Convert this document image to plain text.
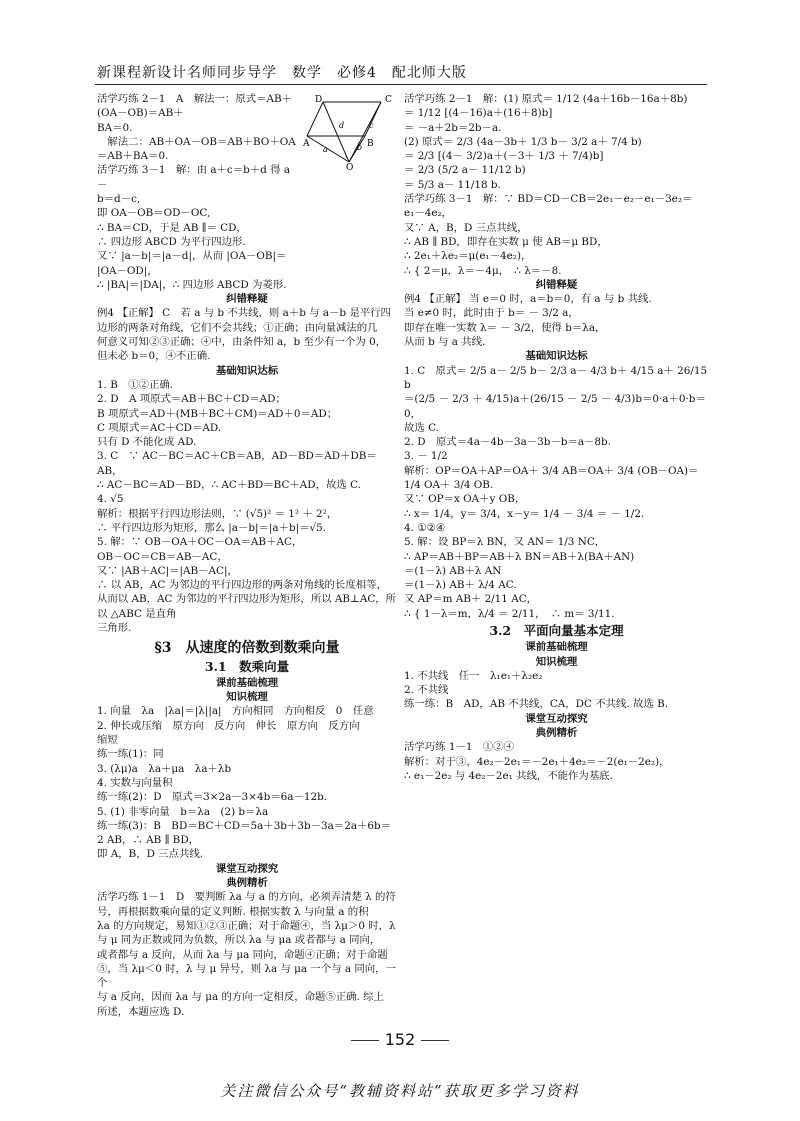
新课程新设计名师同步导学　数学　必修4　配北师大版
D	C
A	B
O
a	b
c
d
活学巧练 2－1　A　解法一：原式＝AB＋(OA－OB)＝AB＋
BA＝0.
　解法二：AB＋OA－OB＝AB＋BO＋OA＝AB＋BA＝0.
活学巧练 3－1　解：由 a＋c＝b＋d 得 a－
b＝d－c,
即 OA－OB＝OD－OC,
∴ BA＝CD，于是 AB ∥＝ CD，
∴ 四边形 ABCD 为平行四边形.
又∵ |a－b|＝|a－d|，从而 |OA－OB|＝
|OA－OD|，
∴ |BA|＝|DA|，∴ 四边形 ABCD 为菱形.
纠错释疑
例4 【正解】 C　若 a 与 b 不共线，则 a＋b 与 a－b 是平行四
边形的两条对角线，它们不会共线；①正确；由向量减法的几
何意义可知②③正确；④中，由条件知 a，b 至少有一个为 0，
但未必 b＝0，④不正确.
基础知识达标
1. B　①②正确.
2. D　A 项原式＝AB＋BC＋CD＝AD；
B 项原式＝AD＋(MB＋BC＋CM)＝AD＋0＝AD；
C 项原式＝AC＋CD＝AD.
只有 D 不能化成 AD.
3. C　∵ AC－BC＝AC＋CB＝AB，AD－BD＝AD＋DB＝AB，
∴ AC－BC＝AD－BD，∴ AC＋BD＝BC＋AD，故选 C.
4. √5
解析：根据平行四边形法则，∵ (√5)² ＝ 1² ＋ 2²，
∴ 平行四边形为矩形，那么 |a－b|＝|a＋b|＝√5.
5. 解：∵ OB－OA＋OC－OA＝AB＋AC，
OB－OC＝CB＝AB－AC，
又∵ |AB＋AC|＝|AB－AC|，
∴ 以 AB，AC 为邻边的平行四边形的两条对角线的长度相等，
从而以 AB，AC 为邻边的平行四边形为矩形，所以 AB⊥AC，所以 △ABC 是直角
三角形.
§3　从速度的倍数到数乘向量
3.1　数乘向量
课前基础梳理
知识梳理
1. 向量　λa　|λa|＝|λ||a|　方向相同　方向相反　0　任意
2. 伸长或压缩　原方向　反方向　伸长　原方向　反方向
缩短
练一练(1)：同
3. (λμ)a　λa＋μa　λa＋λb
4. 实数与向量积
练一练(2)：D　原式＝3×2a－3×4b＝6a－12b.
5. (1) 非零向量　b＝λa　(2) b＝λa
练一练(3)：B　BD＝BC＋CD＝5a＋3b＋3b－3a＝2a＋6b＝
2 AB，∴ AB ∥ BD，
即 A，B，D 三点共线.
课堂互动探究
典例精析
活学巧练 1－1　D　要判断 λa 与 a 的方向，必须弄清楚 λ 的符
号，再根据数乘向量的定义判断. 根据实数 λ 与向量 a 的积
λa 的方向规定，易知①②③正确；对于命题④，当 λμ＞0 时，λ
与 μ 同为正数或同为负数，所以 λa 与 μa 或者都与 a 同向，
或者都与 a 反向，从而 λa 与 μa 同向，命题④正确；对于命题
⑤，当 λμ＜0 时，λ 与 μ 异号，则 λa 与 μa 一个与 a 同向，一个
与 a 反向，因而 λa 与 μa 的方向一定相反，命题⑤正确. 综上
所述，本题应选 D.
活学巧练 2－1　解：(1) 原式＝ 1/12 (4a＋16b－16a＋8b)
＝ 1/12 [(4－16)a＋(16＋8)b]
＝ －a＋2b＝2b－a.
(2) 原式＝ 2/3 (4a－3b＋ 1/3 b－ 3/2 a＋ 7/4 b)
＝ 2/3 [(4－ 3/2)a＋(－3＋ 1/3 ＋ 7/4)b]
＝ 2/3 (5/2 a－ 11/12 b)
＝ 5/3 a－ 11/18 b.
活学巧练 3－1　解：∵ BD＝CD－CB＝2e₁－e₂－e₁－3e₂＝
e₁－4e₂，
又∵ A，B，D 三点共线，
∴ AB ∥ BD，即存在实数 μ 使 AB＝μ BD，
∴ 2e₁＋λe₂＝μ(e₁－4e₂)，
∴ { 2＝μ，λ＝－4μ，　∴ λ＝－8.
纠错释疑
例4 【正解】 当 e＝0 时，a＝b＝0，有 a 与 b 共线.
当 e≠0 时，此时由于 b＝ － 3/2 a，
即存在唯一实数 λ＝ － 3/2，使得 b＝λa，
从而 b 与 a 共线.
基础知识达标
1. C　原式＝ 2/5 a－ 2/5 b－ 2/3 a－ 4/3 b＋ 4/15 a＋ 26/15 b
＝(2/5 － 2/3 ＋ 4/15)a＋(26/15 － 2/5 － 4/3)b＝0·a＋0·b＝0，
故选 C.
2. D　原式＝4a－4b－3a－3b－b＝a－8b.
3. － 1/2
解析：OP＝OA＋AP＝OA＋ 3/4 AB＝OA＋ 3/4 (OB－OA)＝
1/4 OA＋ 3/4 OB.
又∵ OP＝x OA＋y OB，
∴ x＝ 1/4，y＝ 3/4，x－y＝ 1/4 － 3/4 ＝ － 1/2.
4. ①②④
5. 解：设 BP＝λ BN，又 AN＝ 1/3 NC，
∴ AP＝AB＋BP＝AB＋λ BN＝AB＋λ(BA＋AN)
＝(1－λ) AB＋λ AN
＝(1－λ) AB＋ λ/4 AC.
又 AP＝m AB＋ 2/11 AC，
∴ { 1－λ＝m，λ/4 ＝ 2/11，　∴ m＝ 3/11.
3.2　平面向量基本定理
课前基础梳理
知识梳理
1. 不共线　任一　λ₁e₁＋λ₂e₂
2. 不共线
练一练：B　AD，AB 不共线，CA，DC 不共线. 故选 B.
课堂互动探究
典例精析
活学巧练 1－1　①②④
解析：对于③，4e₂－2e₁＝－2e₁＋4e₂＝－2(e₁－2e₂)，
∴ e₁－2e₂ 与 4e₂－2e₁ 共线，不能作为基底.
152
关注微信公众号“教辅资料站”获取更多学习资料
